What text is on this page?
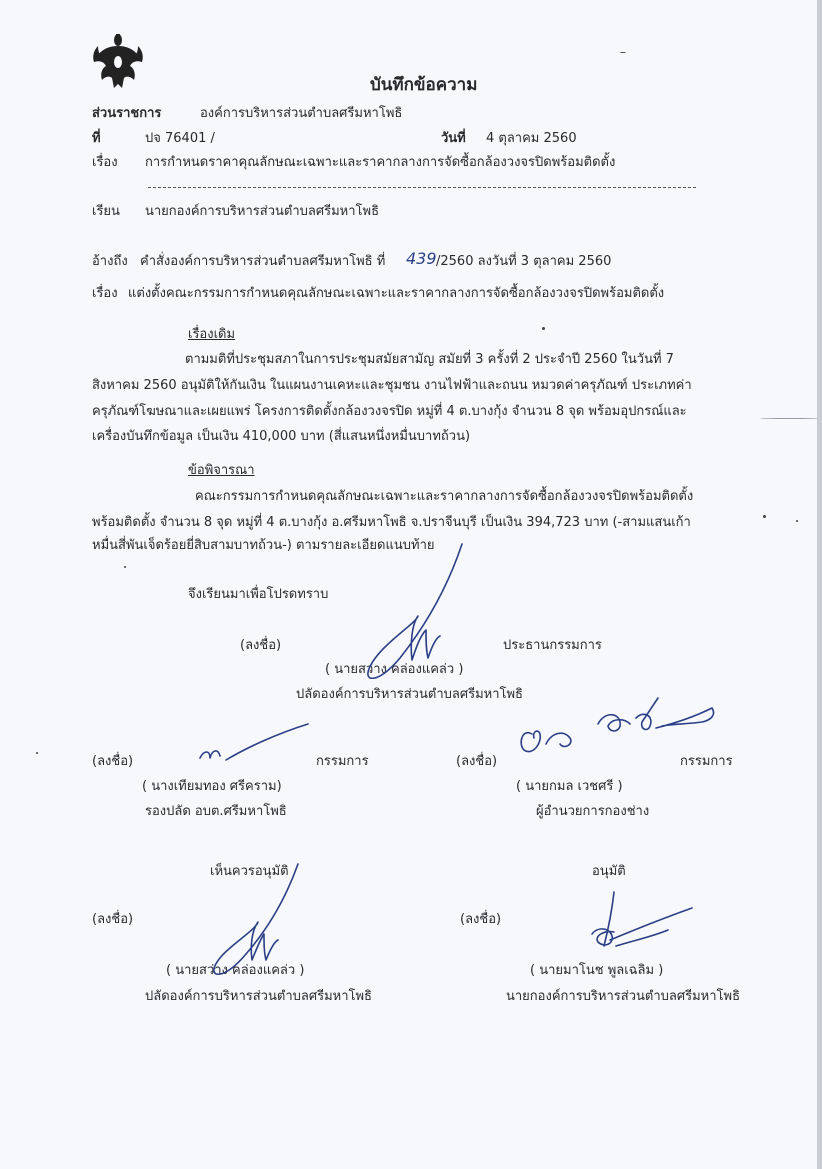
บันทึกข้อความ
ส่วนราชการ	องค์การบริหารส่วนตำบลศรีมหาโพธิ
ที่	ปจ 76401 /	วันที่ 4 ตุลาคม 2560
เรื่อง การกำหนดราคาคุณลักษณะเฉพาะและราคากลางการจัดซื้อกล้องวงจรปิดพร้อมติดตั้ง
เรียน นายกองค์การบริหารส่วนตำบลศรีมหาโพธิ
อ้างถึง คำสั่งองค์การบริหารส่วนตำบลศรีมหาโพธิ ที่ 439 /2560 ลงวันที่ 3 ตุลาคม 2560
เรื่อง แต่งตั้งคณะกรรมการกำหนดคุณลักษณะเฉพาะและราคากลางการจัดซื้อกล้องวงจรปิดพร้อมติดตั้ง
เรื่องเดิม
ตามมติที่ประชุมสภาในการประชุมสมัยสามัญ สมัยที่ 3 ครั้งที่ 2 ประจำปี 2560 ในวันที่ 7
สิงหาคม 2560 อนุมัติให้กันเงิน ในแผนงานเคหะและชุมชน งานไฟฟ้าและถนน หมวดค่าครุภัณฑ์ ประเภทค่า
ครุภัณฑ์โฆษณาและเผยแพร่ โครงการติดตั้งกล้องวงจรปิด หมู่ที่ 4 ต.บางกุ้ง จำนวน 8 จุด พร้อมอุปกรณ์และ
เครื่องบันทึกข้อมูล เป็นเงิน 410,000 บาท (สี่แสนหนึ่งหมื่นบาทถ้วน)
ข้อพิจารณา
คณะกรรมการกำหนดคุณลักษณะเฉพาะและราคากลางการจัดซื้อกล้องวงจรปิดพร้อมติดตั้ง
พร้อมติดตั้ง จำนวน 8 จุด หมู่ที่ 4 ต.บางกุ้ง อ.ศรีมหาโพธิ จ.ปราจีนบุรี เป็นเงิน 394,723 บาท (-สามแสนเก้า
หมื่นสี่พันเจ็ดร้อยยี่สิบสามบาทถ้วน-) ตามรายละเอียดแนบท้าย
จึงเรียนมาเพื่อโปรดทราบ
(ลงชื่อ)	ประธานกรรมการ
( นายสว่าง คล่องแคล่ว )
ปลัดองค์การบริหารส่วนตำบลศรีมหาโพธิ
(ลงชื่อ)	กรรมการ
( นางเทียมทอง ศรีคราม)
รองปลัด อบต.ศรีมหาโพธิ
(ลงชื่อ)	กรรมการ
( นายกมล เวชศรี )
ผู้อำนวยการกองช่าง
เห็นควรอนุมัติ
(ลงชื่อ)
( นายสว่าง คล่องแคล่ว )
ปลัดองค์การบริหารส่วนตำบลศรีมหาโพธิ
อนุมัติ
(ลงชื่อ)
( นายมาโนช พูลเฉลิม )
นายกองค์การบริหารส่วนตำบลศรีมหาโพธิ
